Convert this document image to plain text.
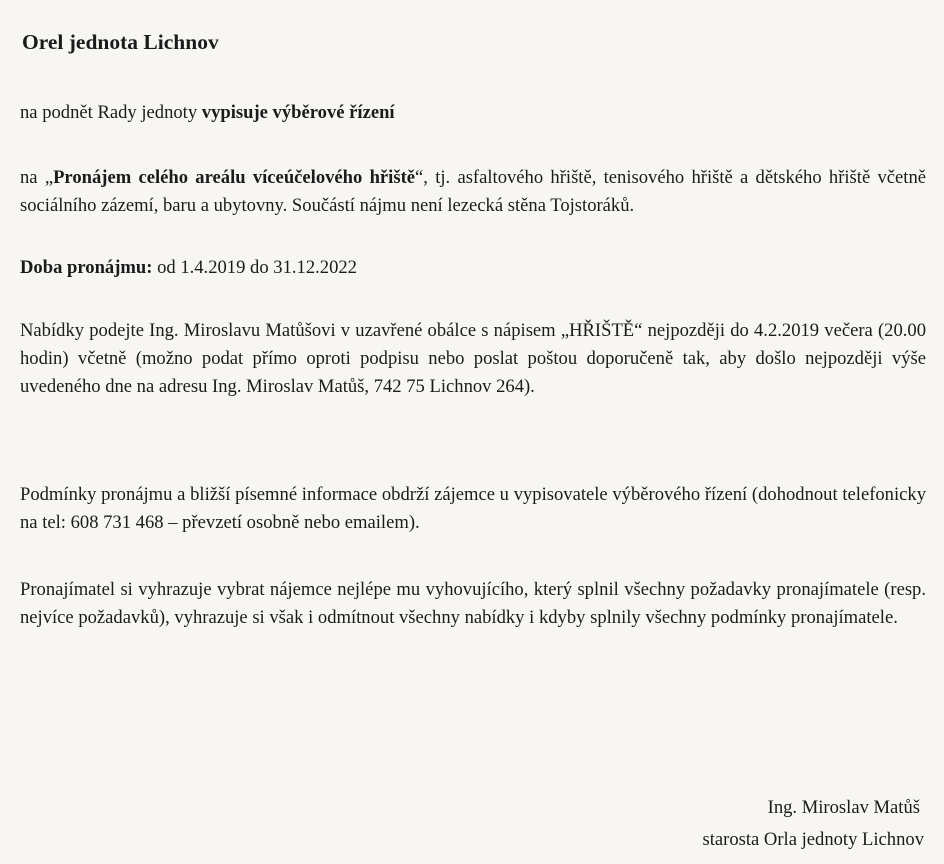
Orel jednota Lichnov

na podnět Rady jednoty vypisuje výběrové řízení

na „Pronájem celého areálu víceúčelového hřiště“, tj. asfaltového hřiště, tenisového hřiště a dětského hřiště včetně sociálního zázemí, baru a ubytovny. Součástí nájmu není lezecká stěna Tojstoráků.

Doba pronájmu: od 1.4.2019 do 31.12.2022

Nabídky podejte Ing. Miroslavu Matůšovi v uzavřené obálce s nápisem „HŘIŠTĚ“ nejpozději do 4.2.2019 večera (20.00 hodin) včetně (možno podat přímo oproti podpisu nebo poslat poštou doporučeně tak, aby došlo nejpozději výše uvedeného dne na adresu Ing. Miroslav Matůš, 742 75 Lichnov 264).

Podmínky pronájmu a bližší písemné informace obdrží zájemce u vypisovatele výběrového řízení (dohodnout telefonicky na tel: 608 731 468 – převzetí osobně nebo emailem).

Pronajímatel si vyhrazuje vybrat nájemce nejlépe mu vyhovujícího, který splnil všechny požadavky pronajímatele (resp. nejvíce požadavků), vyhrazuje si však i odmítnout všechny nabídky i kdyby splnily všechny podmínky pronajímatele.

Ing. Miroslav Matůš

starosta Orla jednoty Lichnov
